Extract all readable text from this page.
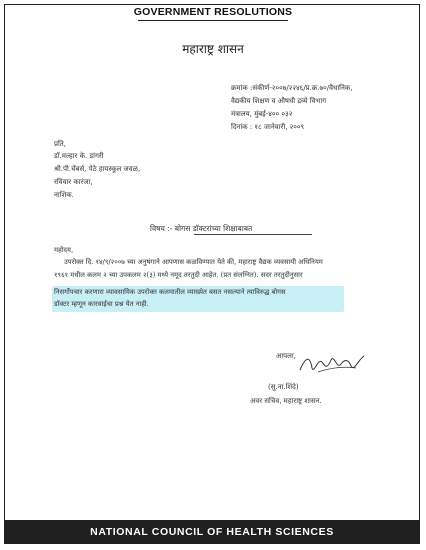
GOVERNMENT RESOLUTIONS
महाराष्ट्र शासन
क्रमांक :संकीर्ण-२००७/२२४६/प्र.क्र.७०/वैधानिक,
वैद्यकीय शिक्षण व औषधी द्रव्ये विभाग
मंत्रालय, मुंबई-४०० ०३२
दिनांक : १८ जानेवारी, २००९
प्रति,
डॉ.मल्हार के. डांगरी
श्री.पी.चेंबर्स, पेठे हायस्कूल जवळ,
रविवार कारंजा,
नाशिक.
विषय :- बोगस डॉक्टरांच्या शिक्षाबाबत
महोदय,
उपरोक्त दि. १४/९/२००७ च्या अनुषंगाने आपणास कळविण्यात येते की, महाराष्ट्र वैद्यक व्यवसायी अधिनियम
१९६१ मधील कलम २ च्या उपकलम २(३) मध्ये नमूद तरतुदी आहेत. (प्रत संलग्नित). सदर तरतुदीनुसार
निसर्गोपचार करणारा व्यावसायिक उपरोक्त कलमातील व्याख्येत बसत नसल्याने त्याविरुद्ध बोगस
डॉक्टर म्हणून कारवाईचा प्रश्न येत नाही.
आपला,
(सु.ना.शिंदे)
अवर सचिव, महाराष्ट्र शासन.
NATIONAL COUNCIL OF HEALTH SCIENCES
